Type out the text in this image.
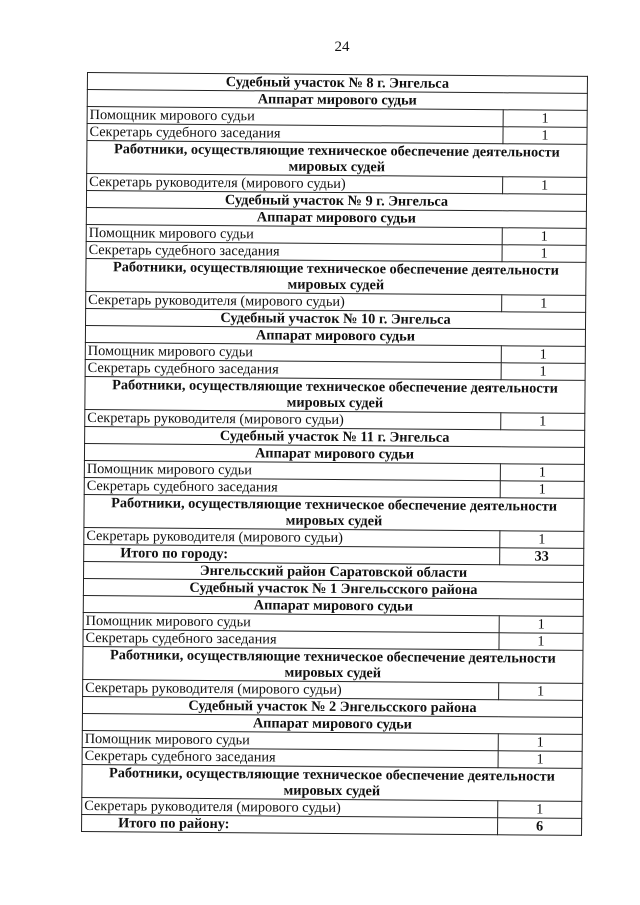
24
Судебный участок № 8 г. Энгельса	
Аппарат мирового судьи	
Помощник мирового судьи	1
Секретарь судебного заседания	1
Работники, осуществляющие техническое обеспечение деятельности мировых судей	
Секретарь руководителя (мирового судьи)	1
Судебный участок № 9 г. Энгельса	
Аппарат мирового судьи	
Помощник мирового судьи	1
Секретарь судебного заседания	1
Работники, осуществляющие техническое обеспечение деятельности мировых судей	
Секретарь руководителя (мирового судьи)	1
Судебный участок № 10 г. Энгельса	
Аппарат мирового судьи	
Помощник мирового судьи	1
Секретарь судебного заседания	1
Работники, осуществляющие техническое обеспечение деятельности мировых судей	
Секретарь руководителя (мирового судьи)	1
Судебный участок № 11 г. Энгельса	
Аппарат мирового судьи	
Помощник мирового судьи	1
Секретарь судебного заседания	1
Работники, осуществляющие техническое обеспечение деятельности мировых судей	
Секретарь руководителя (мирового судьи)	1
Итого по городу:	33
Энгельсский район Саратовской области	
Судебный участок № 1 Энгельсского района	
Аппарат мирового судьи	
Помощник мирового судьи	1
Секретарь судебного заседания	1
Работники, осуществляющие техническое обеспечение деятельности мировых судей	
Секретарь руководителя (мирового судьи)	1
Судебный участок № 2 Энгельсского района	
Аппарат мирового судьи	
Помощник мирового судьи	1
Секретарь судебного заседания	1
Работники, осуществляющие техническое обеспечение деятельности мировых судей	
Секретарь руководителя (мирового судьи)	1
Итого по району:	6
